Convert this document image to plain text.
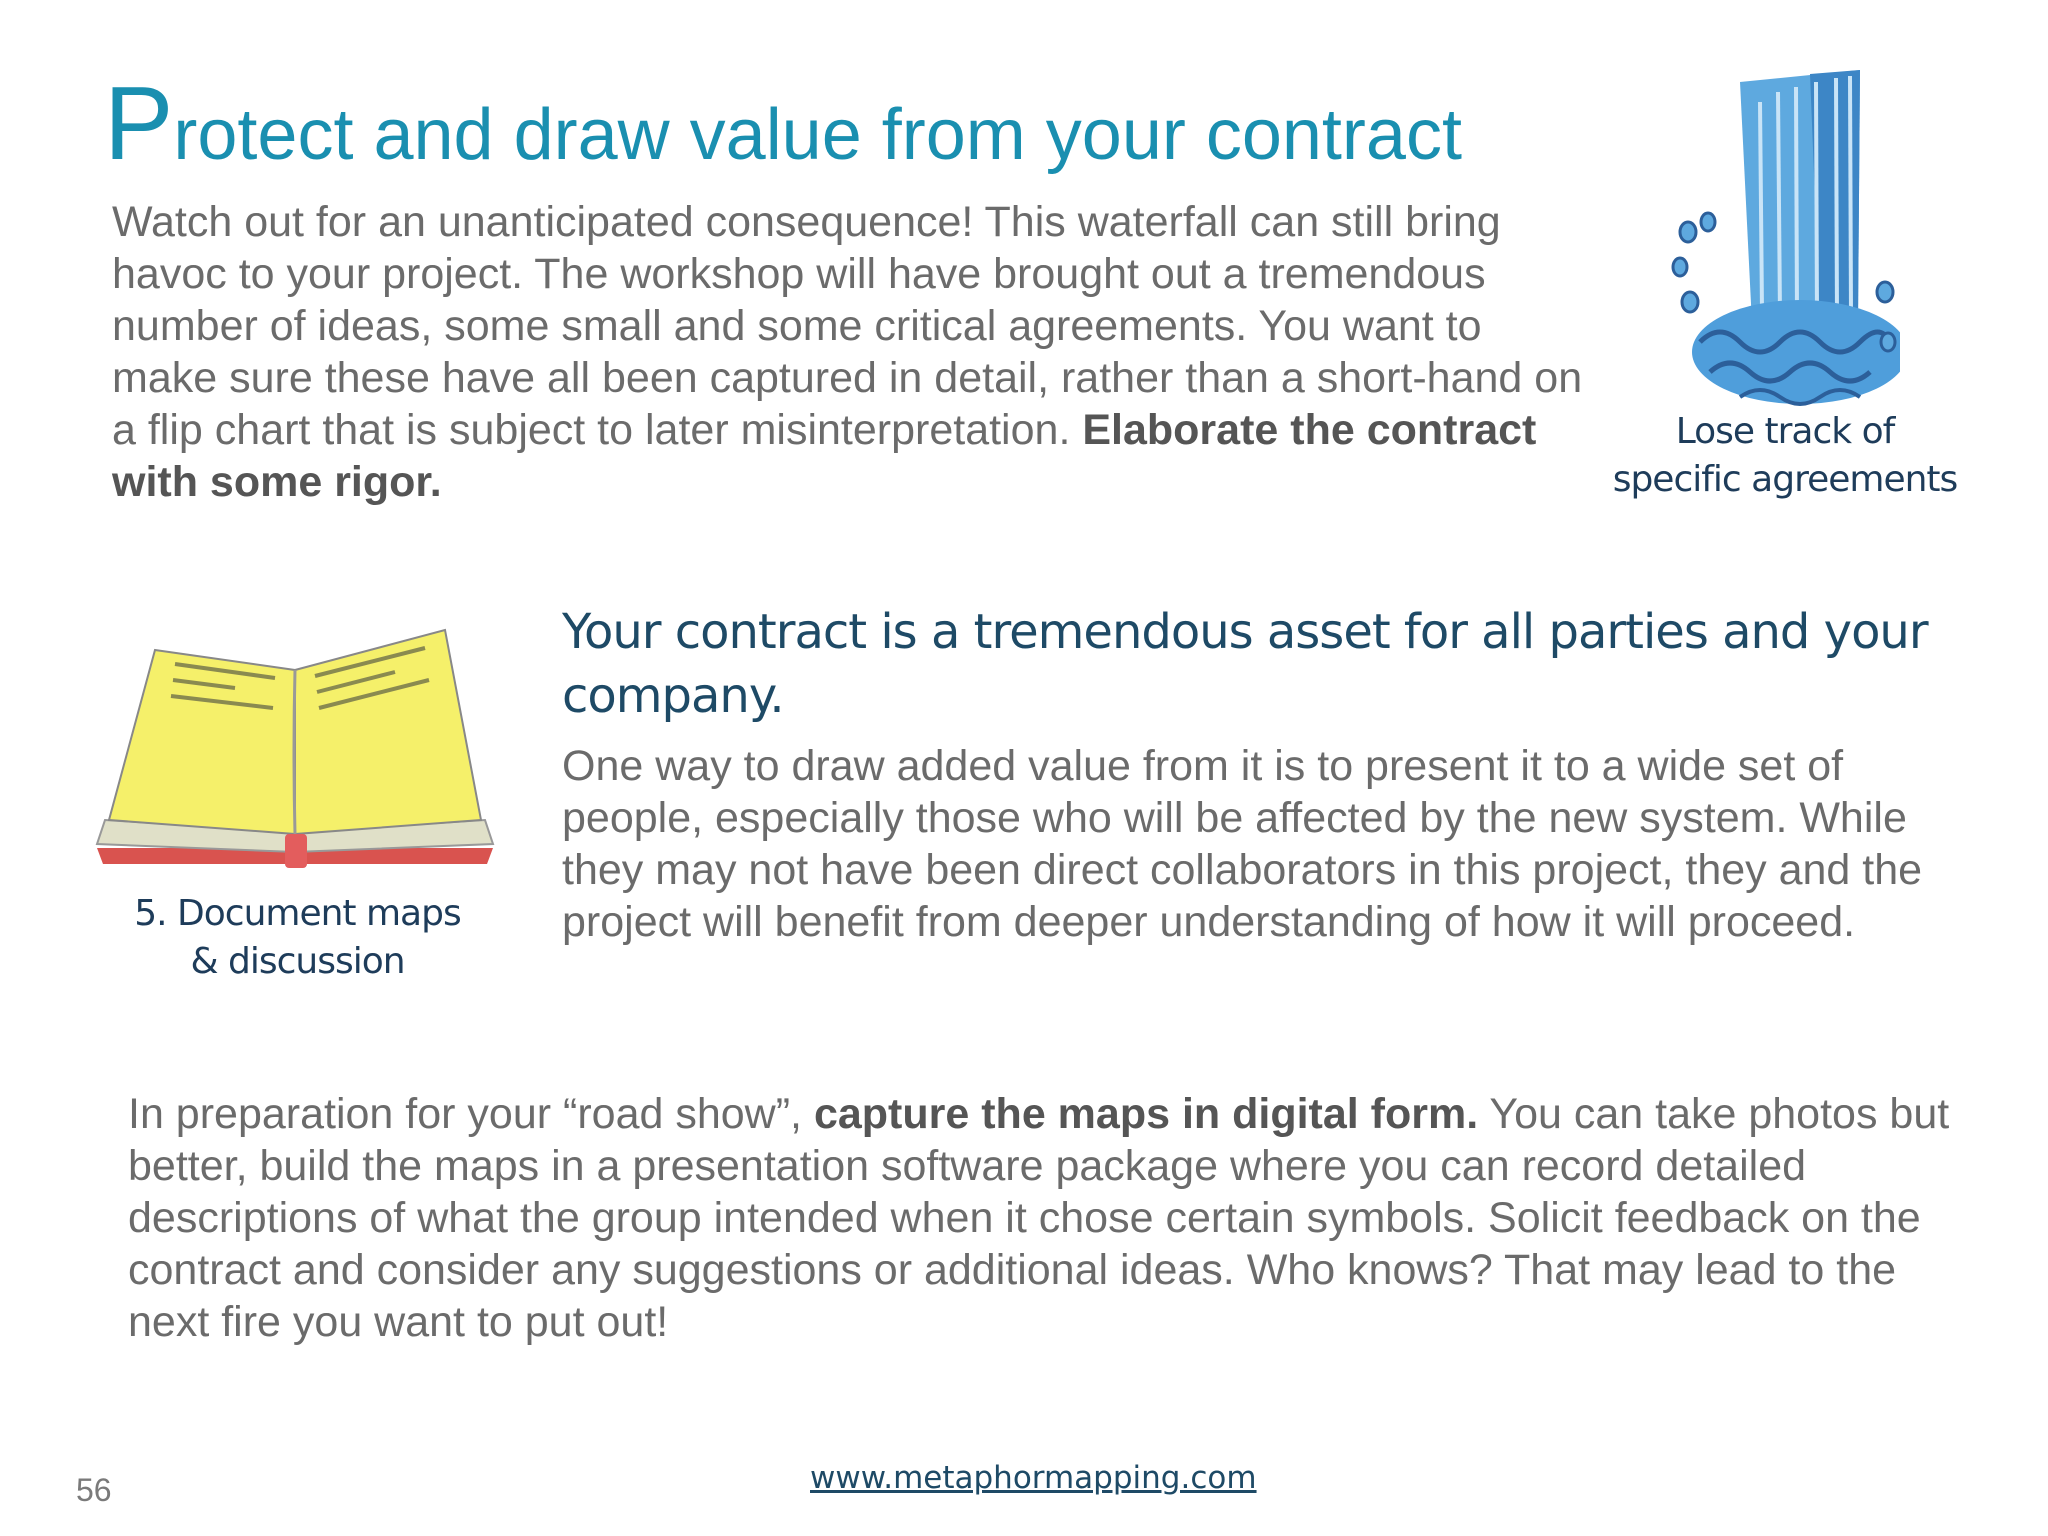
Protect and draw value from your contract

Watch out for an unanticipated consequence! This waterfall can still bring havoc to your project. The workshop will have brought out a tremendous number of ideas, some small and some critical agreements. You want to make sure these have all been captured in detail, rather than a short-hand on a flip chart that is subject to later misinterpretation. Elaborate the contract with some rigor.

Lose track of
specific agreements

5. Document maps
& discussion

Your contract is a tremendous asset for all parties and your company.

One way to draw added value from it is to present it to a wide set of people, especially those who will be affected by the new system. While they may not have been direct collaborators in this project, they and the project will benefit from deeper understanding of how it will proceed.

In preparation for your “road show”, capture the maps in digital form. You can take photos but better, build the maps in a presentation software package where you can record detailed descriptions of what the group intended when it chose certain symbols. Solicit feedback on the contract and consider any suggestions or additional ideas. Who knows? That may lead to the next fire you want to put out!

56	www.metaphormapping.com
